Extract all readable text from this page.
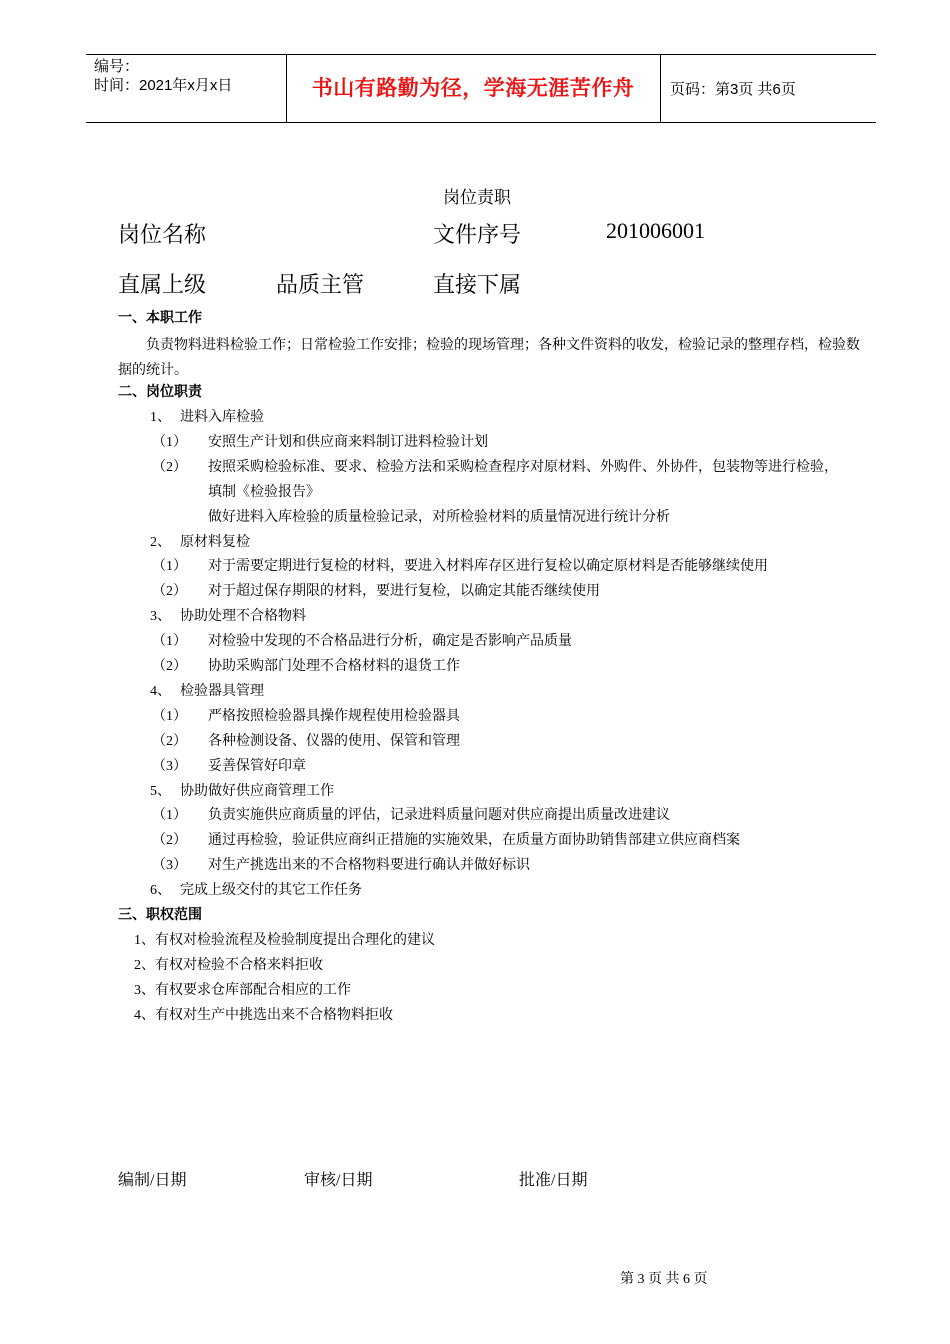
编号：
时间：2021年x月x日	书山有路勤为径，学海无涯苦作舟	页码：第3页 共6页
岗位责职
岗位名称	文件序号	201006001
直属上级	品质主管	直接下属
一、本职工作
负责物料进料检验工作；日常检验工作安排；检验的现场管理；各种文件资料的收发，检验记录的整理存档，检验数据的统计。
二、岗位职责
1、 进料入库检验
（1） 安照生产计划和供应商来料制订进料检验计划
（2） 按照采购检验标准、要求、检验方法和采购检查程序对原材料、外购件、外协件，包装物等进行检验，
填制《检验报告》
做好进料入库检验的质量检验记录，对所检验材料的质量情况进行统计分析
2、 原材料复检
（1） 对于需要定期进行复检的材料，要进入材料库存区进行复检以确定原材料是否能够继续使用
（2） 对于超过保存期限的材料，要进行复检，以确定其能否继续使用
3、 协助处理不合格物料
（1） 对检验中发现的不合格品进行分析，确定是否影响产品质量
（2） 协助采购部门处理不合格材料的退货工作
4、 检验器具管理
（1） 严格按照检验器具操作规程使用检验器具
（2） 各种检测设备、仪器的使用、保管和管理
（3） 妥善保管好印章
5、 协助做好供应商管理工作
（1） 负责实施供应商质量的评估，记录进料质量问题对供应商提出质量改进建议
（2） 通过再检验，验证供应商纠正措施的实施效果，在质量方面协助销售部建立供应商档案
（3） 对生产挑选出来的不合格物料要进行确认并做好标识
6、 完成上级交付的其它工作任务
三、职权范围
1、有权对检验流程及检验制度提出合理化的建议
2、有权对检验不合格来料拒收
3、有权要求仓库部配合相应的工作
4、有权对生产中挑选出来不合格物料拒收
编制/日期	审核/日期	批准/日期
第 3 页 共 6 页
